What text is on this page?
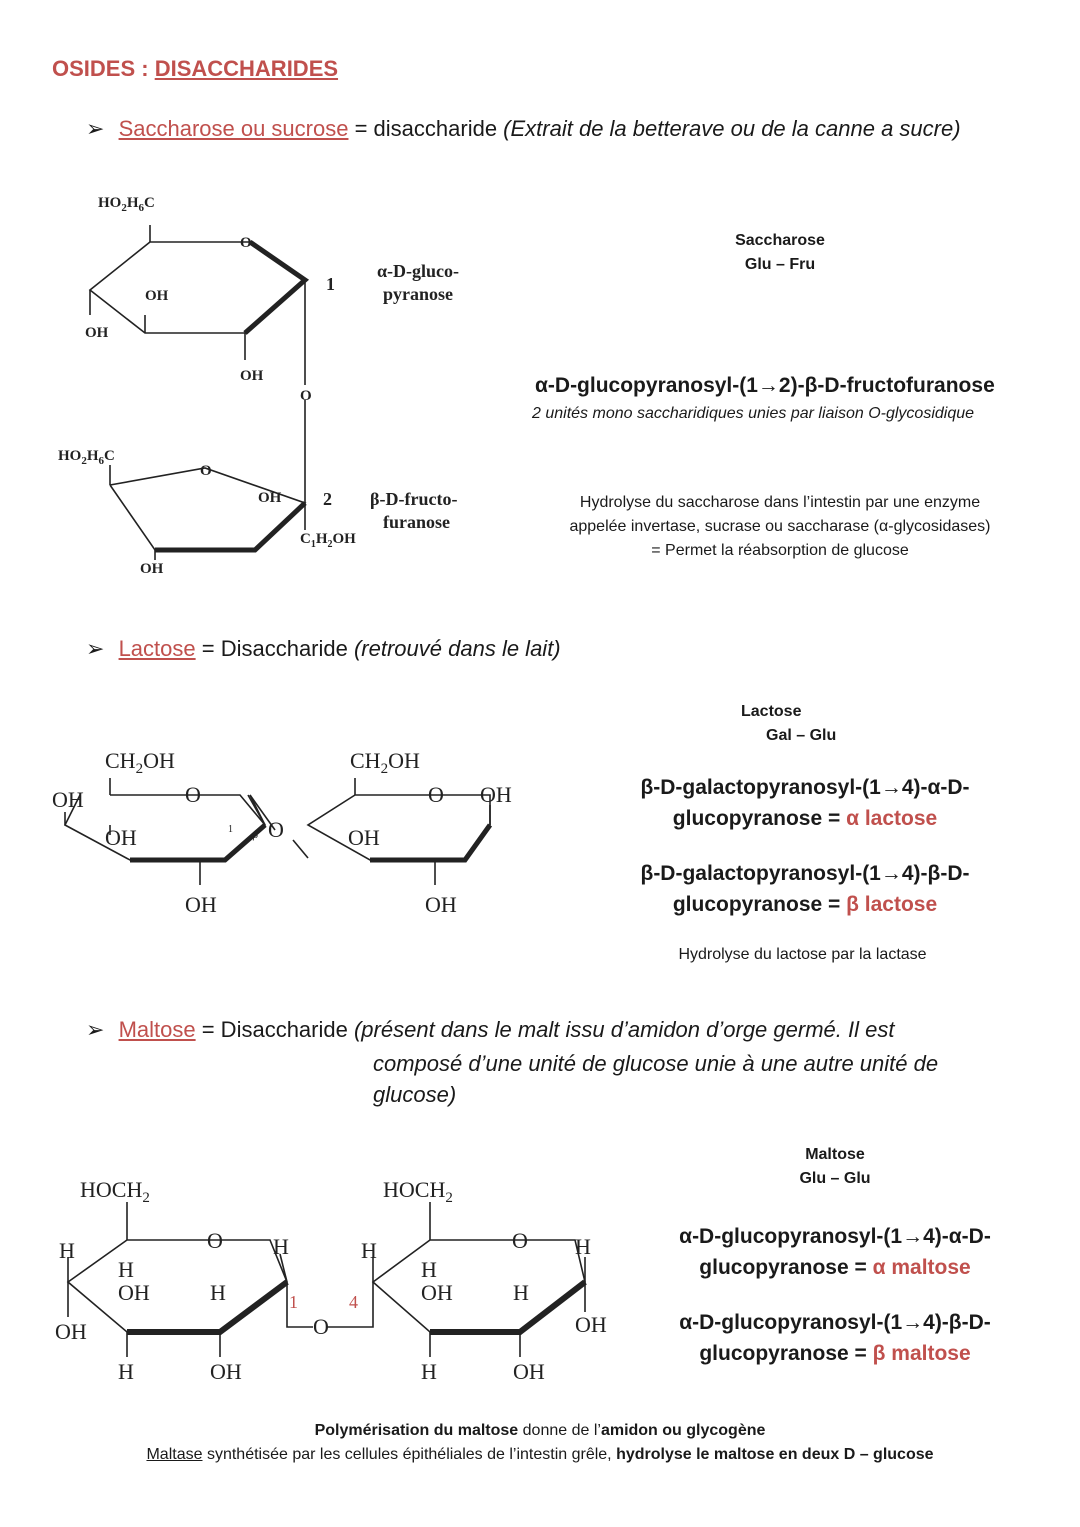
OSIDES : DISACCHARIDES
➢ Saccharose ou sucrose = disaccharide (Extrait de la betterave ou de la canne a sucre)
$HO_2H_6C$
O
OH
OH
OH
1
α-D-gluco-
pyranose
O
$HO_2H_6C$
O
OH 2 β-D-fructo-
furanose
$C_1H_2OH$
OH
Saccharose
Glu – Fru
α-D-glucopyranosyl-(1→2)-β-D-fructofuranose
2 unités mono saccharidiques unies par liaison O-glycosidique
Hydrolyse du saccharose dans l’intestin par une enzyme
appelée invertase, sucrase ou saccharase (α-glycosidases)
= Permet la réabsorption de glucose
➢ Lactose = Disaccharide (retrouvé dans le lait)
$CH_2OH$	$CH_2OH$
OH	O
OH
OH
O
β
1
O OH
OH
OH
Lactose
Gal – Glu
β-D-galactopyranosyl-(1→4)-α-D-
glucopyranose = α lactose
β-D-galactopyranosyl-(1→4)-β-D-
glucopyranose = β lactose
Hydrolyse du lactose par la lactase
➢ Maltose = Disaccharide (présent dans le malt issu d’amidon d’orge germé. Il est
composé d’une unité de glucose unie à une autre unité de
glucose)
$HOCH_2$	$HOCH_2$
H	O H
H
OH	H
OH
H	OH
1
O
4
H	O H
H
OH	H
OH
H	OH
Maltose
Glu – Glu
α-D-glucopyranosyl-(1→4)-α-D-
glucopyranose = α maltose
α-D-glucopyranosyl-(1→4)-β-D-
glucopyranose = β maltose
Polymérisation du maltose donne de l’amidon ou glycogène
Maltase synthétisée par les cellules épithéliales de l’intestin grêle, hydrolyse le maltose en deux D – glucose
